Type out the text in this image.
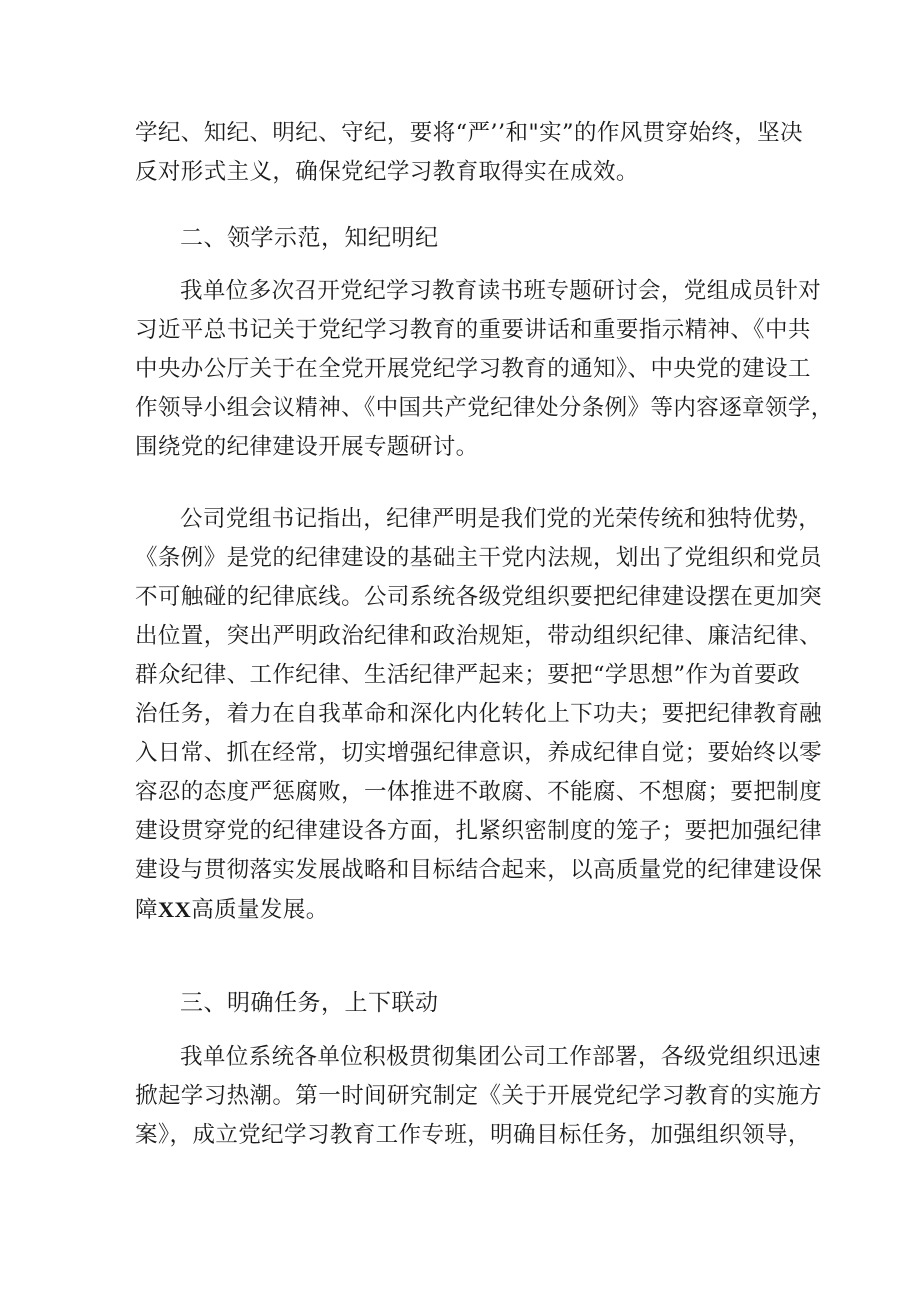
学纪、知纪、明纪、守纪，要将“严’’和"实”的作风贯穿始终，坚决
反对形式主义，确保党纪学习教育取得实在成效。
二、领学示范，知纪明纪
我单位多次召开党纪学习教育读书班专题研讨会，党组成员针对
习近平总书记关于党纪学习教育的重要讲话和重要指示精神、《中共
中央办公厅关于在全党开展党纪学习教育的通知》、中央党的建设工
作领导小组会议精神、《中国共产党纪律处分条例》等内容逐章领学，
围绕党的纪律建设开展专题研讨。
公司党组书记指出，纪律严明是我们党的光荣传统和独特优势，
《条例》是党的纪律建设的基础主干党内法规，划出了党组织和党员
不可触碰的纪律底线。公司系统各级党组织要把纪律建设摆在更加突
出位置，突出严明政治纪律和政治规矩，带动组织纪律、廉洁纪律、
群众纪律、工作纪律、生活纪律严起来；要把“学思想”作为首要政
治任务，着力在自我革命和深化内化转化上下功夫；要把纪律教育融
入日常、抓在经常，切实增强纪律意识，养成纪律自觉；要始终以零
容忍的态度严惩腐败，一体推进不敢腐、不能腐、不想腐；要把制度
建设贯穿党的纪律建设各方面，扎紧织密制度的笼子；要把加强纪律
建设与贯彻落实发展战略和目标结合起来，以高质量党的纪律建设保
障XX高质量发展。
三、明确任务，上下联动
我单位系统各单位积极贯彻集团公司工作部署，各级党组织迅速
掀起学习热潮。第一时间研究制定《关于开展党纪学习教育的实施方
案》，成立党纪学习教育工作专班，明确目标任务，加强组织领导，
